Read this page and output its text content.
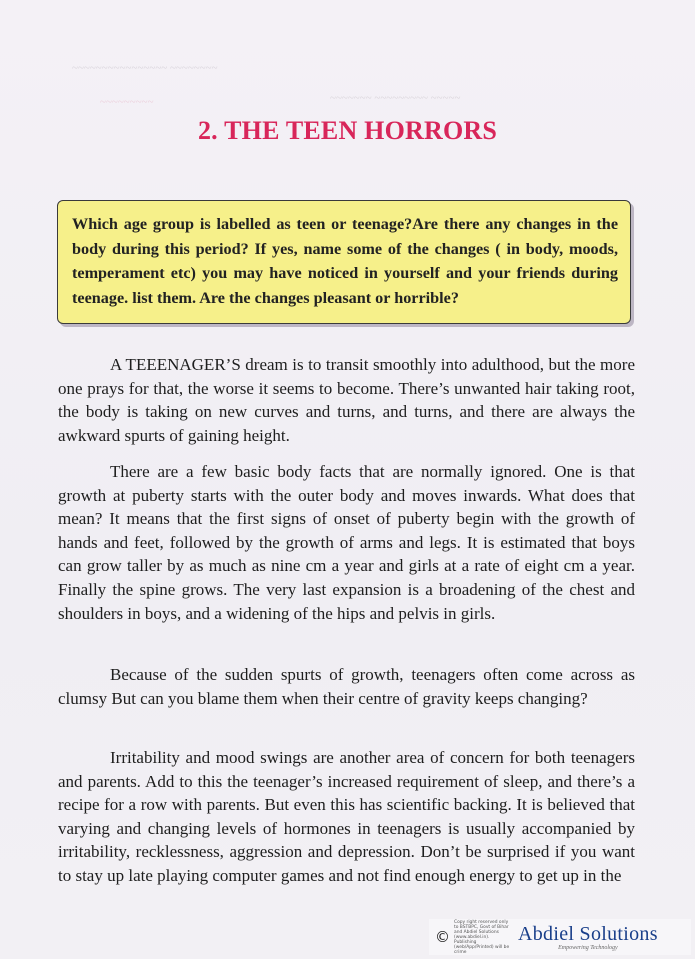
~~~~~~~~~~~~~~~~ ~~~~~~~~
~~~~~~~ ~~~~~~~~~ ~~~~~
~~~~~~~~~
2. THE TEEN HORRORS

Which age group is labelled as teen or teenage?Are there any changes in the body during this period? If yes, name some of the changes ( in body, moods, temperament etc) you may have noticed in yourself and your friends during teenage. list them. Are the changes pleasant or horrible?

A TEEENAGER’S dream is to transit smoothly into adulthood, but the more one prays for that, the worse it seems to become. There’s unwanted hair taking root, the body is taking on new curves and turns, and turns, and there are always the awkward spurts of gaining height.

There are a few basic body facts that are normally ignored. One is that growth at puberty starts with the outer body and moves inwards. What does that mean? It means that the first signs of onset of puberty begin with the growth of hands and feet, followed by the growth of arms and legs. It is estimated that boys can grow taller by as much as nine cm a year and girls at a rate of eight cm a year. Finally the spine grows. The very last expansion is a broadening of the chest and shoulders in boys, and a widening of the hips and pelvis in girls.

Because of the sudden spurts of growth, teenagers often come across as clumsy But can you blame them when their centre of gravity keeps changing?

Irritability and mood swings are another area of concern for both teenagers and parents. Add to this the teenager’s increased requirement of sleep, and there’s a recipe for a row with parents. But even this has scientific backing. It is believed that varying and changing levels of hormones in teenagers is usually accompanied by irritability, recklessness, aggression and depression. Don’t be surprised if you want to stay up late playing computer games and not find enough energy to get up in the

©
Copy right reserved only to BSTBPC, Govt of Bihar and Abdiel Solutions (www.abdiel.in). Publishing (web/App/Printed) will be crime
Abdiel Solutions
Empowering Technology
